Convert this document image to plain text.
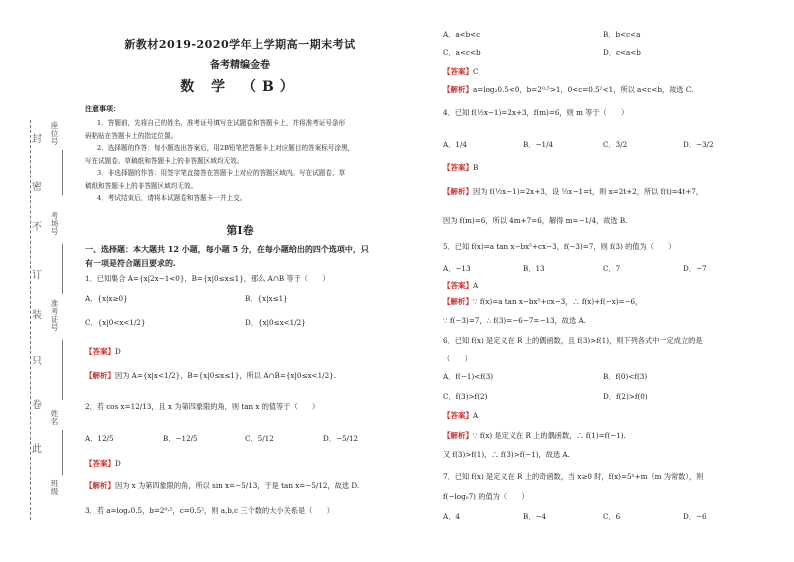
封
密
不
订
装
只
卷
此
座位号
考场号
准考证号
姓名
班级
新教材2019-2020学年上学期高一期末考试
备考精编金卷
数 学 （B）
注意事项：
1．答题前，先将自己的姓名、准考证号填写在试题卷和答题卡上，并将准考证号条形
码粘贴在答题卡上的指定位置。
2．选择题的作答：每小题选出答案后，用2B铅笔把答题卡上对应题目的答案标号涂黑，
写在试题卷、草稿纸和答题卡上的非答题区域均无效。
3．非选择题的作答：用签字笔直接答在答题卡上对应的答题区域内。写在试题卷、草
稿纸和答题卡上的非答题区域均无效。
4．考试结束后，请将本试题卷和答题卡一并上交。
第Ⅰ卷
一、选择题：本大题共 12 小题，每小题 5 分，在每小题给出的四个选项中，只
有一项是符合题目要求的.
1．已知集合 A={x|2x−1<0}，B={x|0≤x≤1}，那么 A∩B 等于（　　）
A．{x|x≥0}	B．{x|x≤1}
C．{x|0<x<1/2}	D．{x|0≤x<1/2}
【答案】D
【解析】因为 A={x|x<1/2}，B={x|0≤x≤1}，所以 A∩B={x|0≤x<1/2}.
2．若 cos x=12/13，且 x 为第四象限的角，则 tan x 的值等于（　　）
A．12/5	B．−12/5	C．5/12	D．−5/12
【答案】D
【解析】因为 x 为第四象限的角，所以 sin x=−5/13，于是 tan x=−5/12，故选 D.
3．若 a=log₂0.5，b=2⁰·⁵，c=0.5²，则 a,b,c 三个数的大小关系是（　　）
A．a<b<c	B．b<c<a
C．a<c<b	D．c<a<b
【答案】C
【解析】a=log₂0.5<0，b=2⁰·⁵>1，0<c=0.5²<1，所以 a<c<b，故选 C.
4．已知 f(½x−1)=2x+3，f(m)=6，则 m 等于（　　）
A．1/4	B．−1/4	C．3/2	D．−3/2
【答案】B
【解析】因为 f(½x−1)=2x+3，设 ½x−1=t，则 x=2t+2，所以 f(t)=4t+7，
因为 f(m)=6，所以 4m+7=6，解得 m=−1/4，故选 B.
5．已知 f(x)=a tan x−bx⁵+cx−3，f(−3)=7，则 f(3) 的值为（　　）
A．−13	B．13	C．7	D．−7
【答案】A
【解析】∵ f(x)=a tan x−bx⁵+cx−3，∴ f(x)+f(−x)=−6，
∵ f(−3)=7，∴ f(3)=−6−7=−13，故选 A.
6．已知 f(x) 是定义在 R 上的偶函数，且 f(3)>f(1)，则下列各式中一定成立的是
（　　）
A．f(−1)<f(3)	B．f(0)<f(3)
C．f(3)>f(2)	D．f(2)>f(0)
【答案】A
【解析】∵ f(x) 是定义在 R 上的偶函数，∴ f(1)=f(−1).
又 f(3)>f(1)，∴ f(3)>f(−1)，故选 A.
7．已知 f(x) 是定义在 R 上的奇函数，当 x≥0 时，f(x)=5ˣ+m（m 为常数），则
f(−log₅7) 的值为（　　）
A．4	B．−4	C．6	D．−6
